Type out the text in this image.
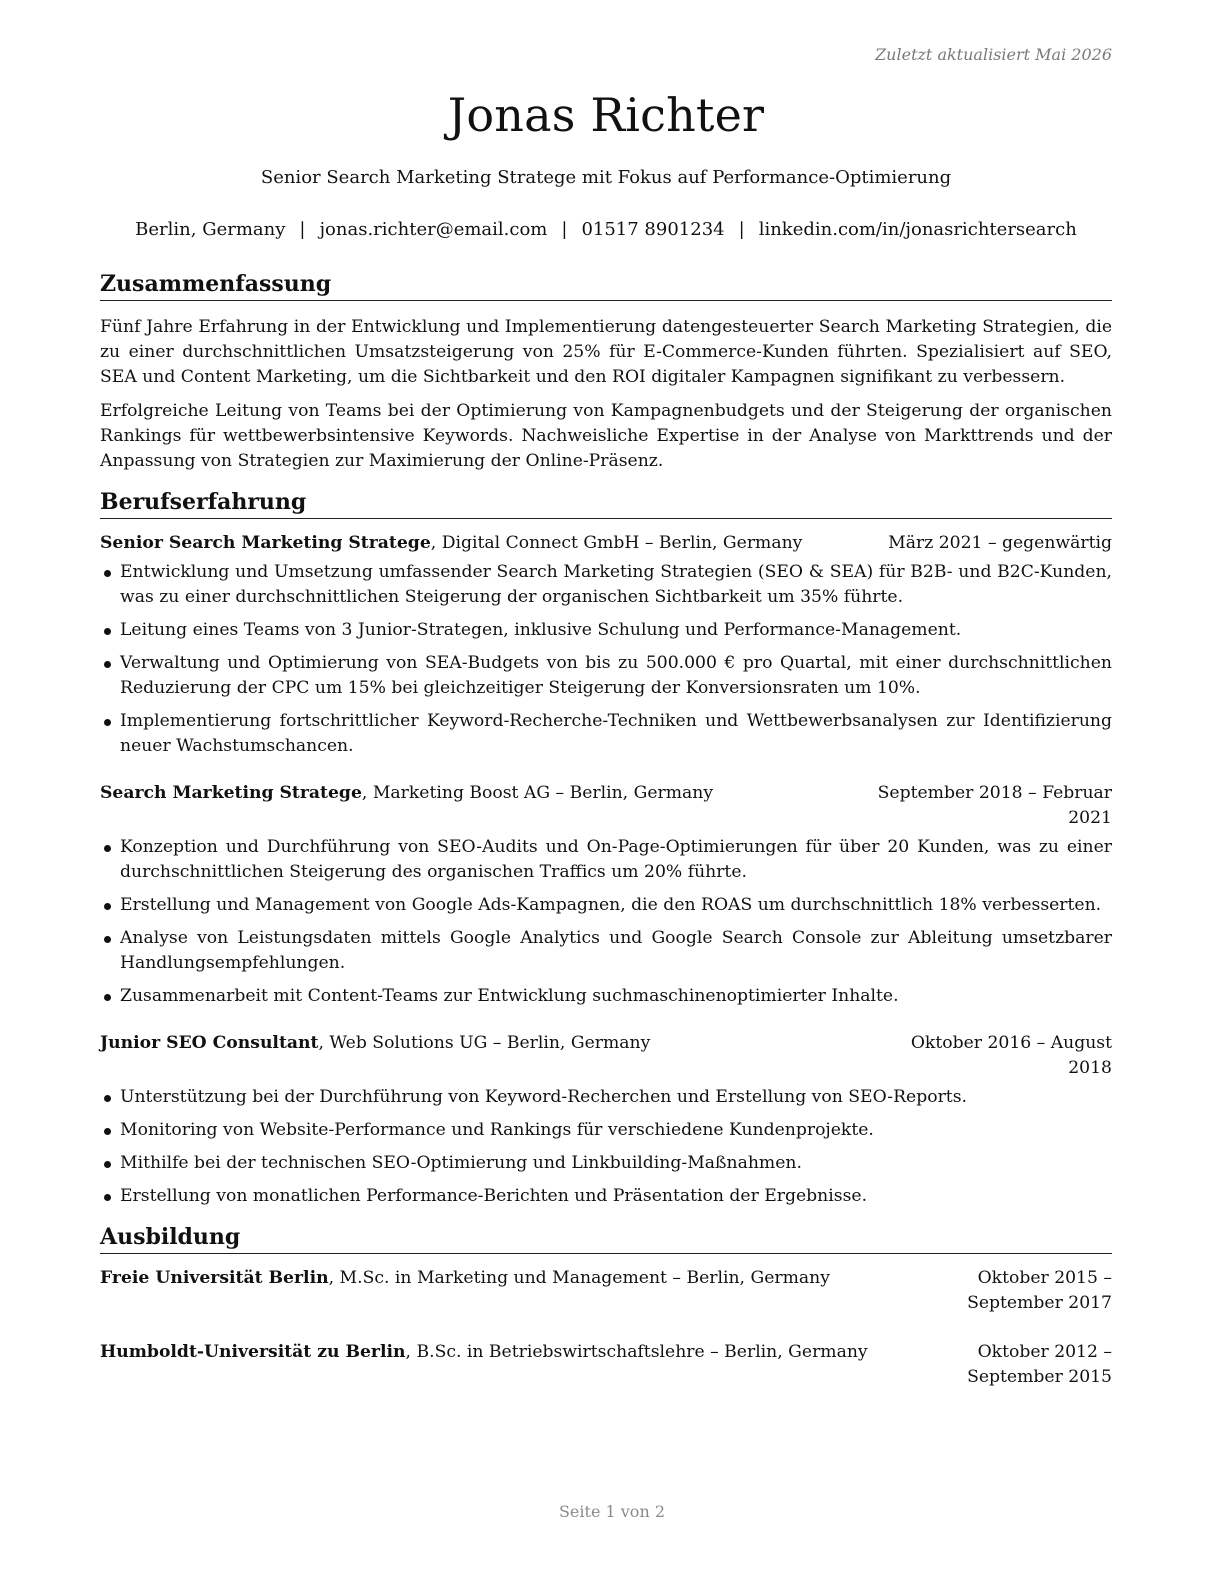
Zuletzt aktualisiert Mai 2026
Jonas Richter
Senior Search Marketing Stratege mit Fokus auf Performance-Optimierung
Berlin, Germany | jonas.richter@email.com | 01517 8901234 | linkedin.com/in/jonasrichtersearch
Zusammenfassung

Fünf Jahre Erfahrung in der Entwicklung und Implementierung datengesteuerter Search Marketing Strategien, die zu einer durchschnittlichen Umsatzsteigerung von 25% für E-Commerce-Kunden führten. Spezialisiert auf SEO, SEA und Content Marketing, um die Sichtbarkeit und den ROI digitaler Kampagnen signifikant zu verbessern.

Erfolgreiche Leitung von Teams bei der Optimierung von Kampagnenbudgets und der Steigerung der organischen Rankings für wettbewerbsintensive Keywords. Nachweisliche Expertise in der Analyse von Markttrends und der Anpassung von Strategien zur Maximierung der Online-Präsenz.

Berufserfahrung
Senior Search Marketing Stratege, Digital Connect GmbH – Berlin, Germany	März 2021 – gegenwärtig
Entwicklung und Umsetzung umfassender Search Marketing Strategien (SEO & SEA) für B2B- und B2C-Kunden, was zu einer durchschnittlichen Steigerung der organischen Sichtbarkeit um 35% führte.
Leitung eines Teams von 3 Junior-Strategen, inklusive Schulung und Performance-Management.
Verwaltung und Optimierung von SEA-Budgets von bis zu 500.000 € pro Quartal, mit einer durchschnittlichen Reduzierung der CPC um 15% bei gleichzeitiger Steigerung der Konversionsraten um 10%.
Implementierung fortschrittlicher Keyword-Recherche-Techniken und Wettbewerbsanalysen zur Identifizierung neuer Wachstumschancen.
Search Marketing Stratege, Marketing Boost AG – Berlin, Germany	September 2018 – Februar 2021
Konzeption und Durchführung von SEO-Audits und On-Page-Optimierungen für über 20 Kunden, was zu einer durchschnittlichen Steigerung des organischen Traffics um 20% führte.
Erstellung und Management von Google Ads-Kampagnen, die den ROAS um durchschnittlich 18% verbesserten.
Analyse von Leistungsdaten mittels Google Analytics und Google Search Console zur Ableitung umsetzbarer Handlungsempfehlungen.
Zusammenarbeit mit Content-Teams zur Entwicklung suchmaschinenoptimierter Inhalte.
Junior SEO Consultant, Web Solutions UG – Berlin, Germany	Oktober 2016 – August 2018
Unterstützung bei der Durchführung von Keyword-Recherchen und Erstellung von SEO-Reports.
Monitoring von Website-Performance und Rankings für verschiedene Kundenprojekte.
Mithilfe bei der technischen SEO-Optimierung und Linkbuilding-Maßnahmen.
Erstellung von monatlichen Performance-Berichten und Präsentation der Ergebnisse.
Ausbildung
Freie Universität Berlin, M.Sc. in Marketing und Management – Berlin, Germany	Oktober 2015 – September 2017
Humboldt-Universität zu Berlin, B.Sc. in Betriebswirtschaftslehre – Berlin, Germany	Oktober 2012 – September 2015
Seite 1 von 2
